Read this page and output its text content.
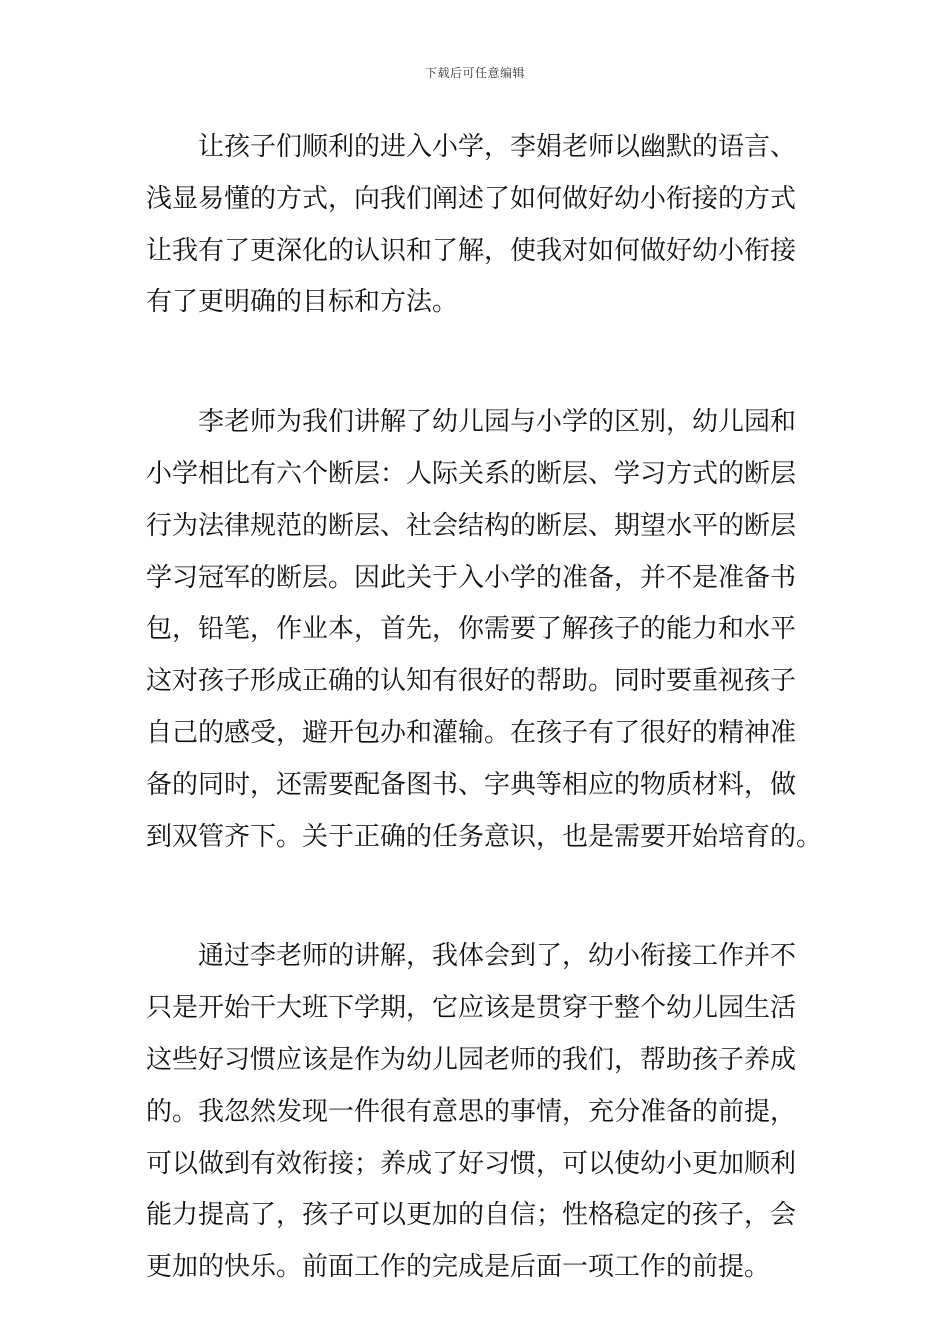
下载后可任意编辑

让孩子们顺利的进入小学，李娟老师以幽默的语言、
浅显易懂的方式，向我们阐述了如何做好幼小衔接的方式
让我有了更深化的认识和了解，使我对如何做好幼小衔接
有了更明确的目标和方法。

李老师为我们讲解了幼儿园与小学的区别，幼儿园和
小学相比有六个断层：人际关系的断层、学习方式的断层
行为法律规范的断层、社会结构的断层、期望水平的断层
学习冠军的断层。因此关于入小学的准备，并不是准备书
包，铅笔，作业本，首先，你需要了解孩子的能力和水平
这对孩子形成正确的认知有很好的帮助。同时要重视孩子
自己的感受，避开包办和灌输。在孩子有了很好的精神准
备的同时，还需要配备图书、字典等相应的物质材料，做
到双管齐下。关于正确的任务意识，也是需要开始培育的。

通过李老师的讲解，我体会到了，幼小衔接工作并不
只是开始干大班下学期，它应该是贯穿于整个幼儿园生活
这些好习惯应该是作为幼儿园老师的我们，帮助孩子养成
的。我忽然发现一件很有意思的事情，充分准备的前提，
可以做到有效衔接；养成了好习惯，可以使幼小更加顺利
能力提高了，孩子可以更加的自信；性格稳定的孩子，会
更加的快乐。前面工作的完成是后面一项工作的前提。
